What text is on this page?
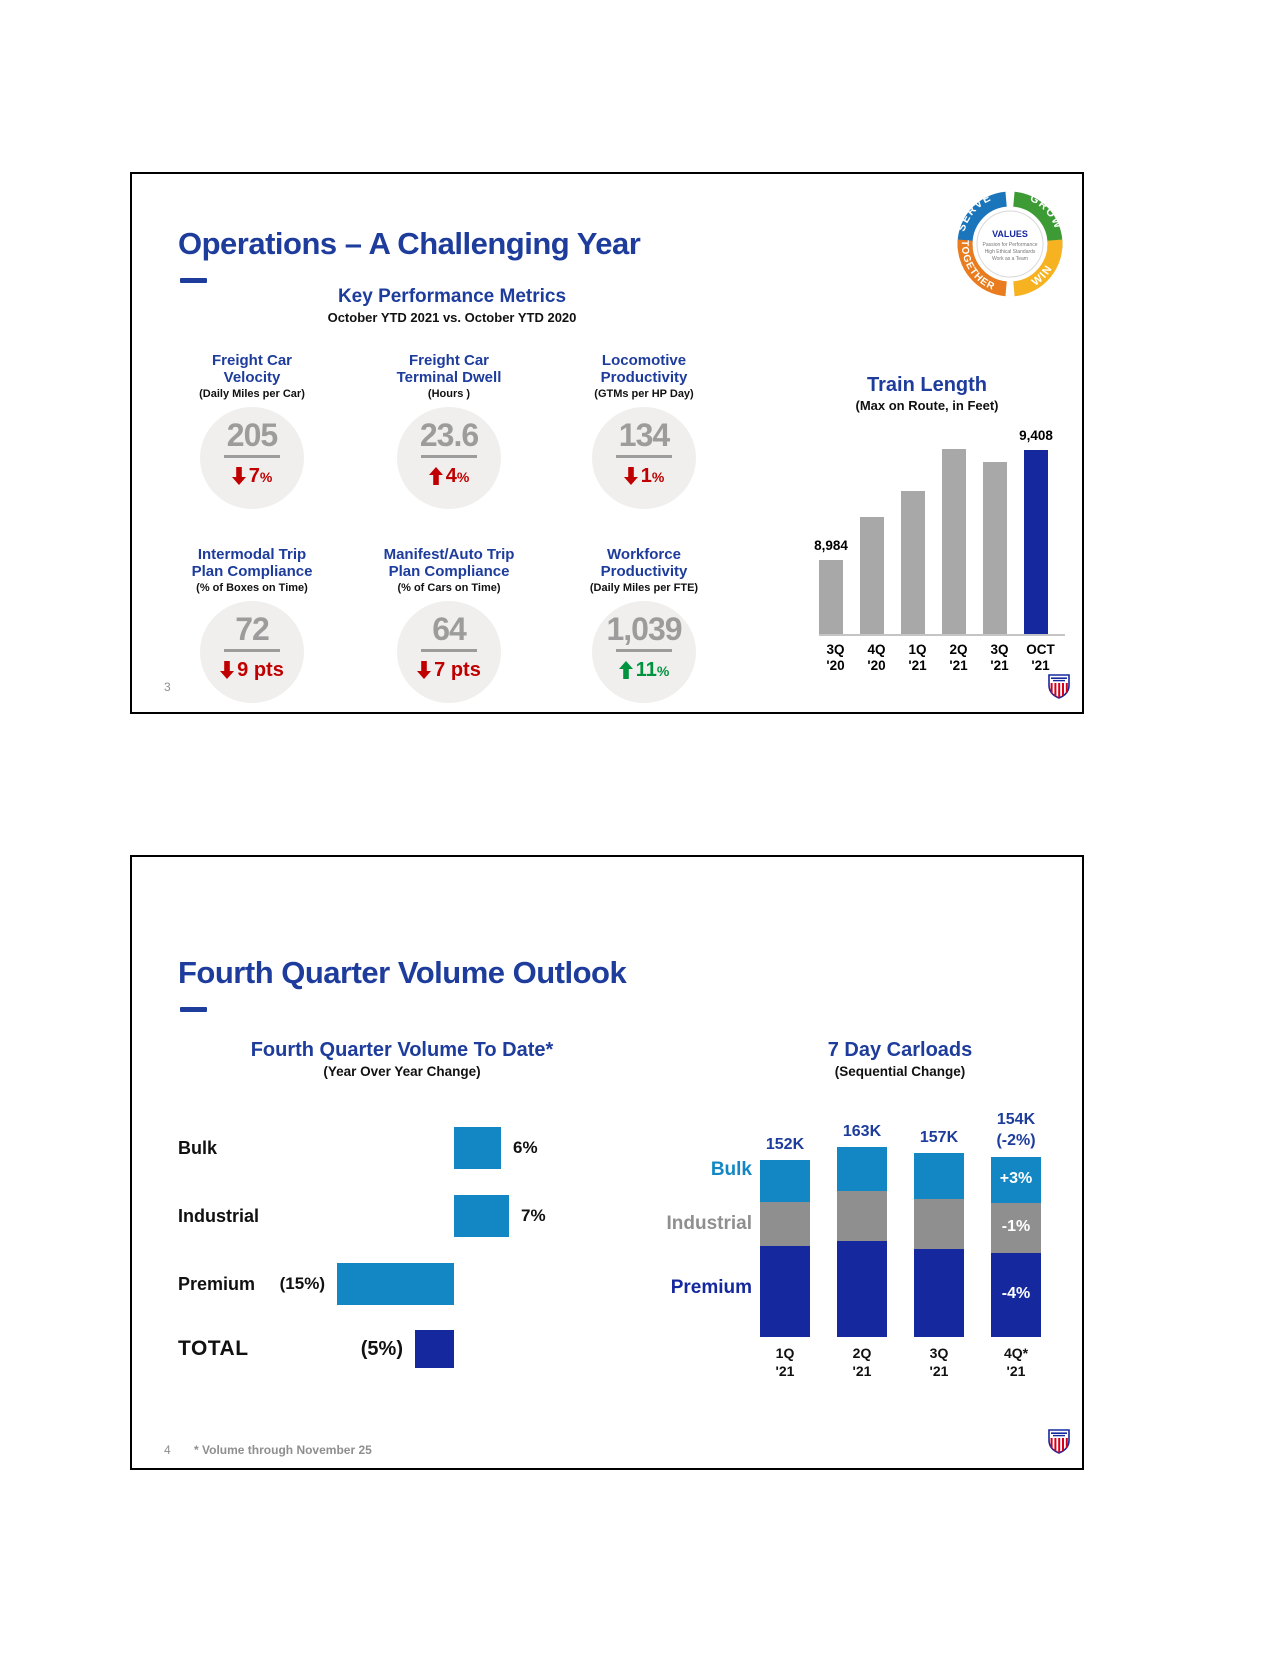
Operations – A Challenging Year	SERVE	GROW
WIN
TOGETHER
VALUES
Passion for Performance
High Ethical Standards
Work as a Team
Key Performance Metrics
October YTD 2021 vs. October YTD 2020
Freight Car
Velocity
(Daily Miles per Car)
205
7%
Freight Car
Terminal Dwell
(Hours )
23.6
4%
Locomotive
Productivity
(GTMs per HP Day)
134
1%
Intermodal Trip
Plan Compliance
(% of Boxes on Time)
72
9 pts
Manifest/Auto Trip
Plan Compliance
(% of Cars on Time)
64
7 pts
Workforce
Productivity
(Daily Miles per FTE)
1,039
11%
Train Length
(Max on Route, in Feet)
8,984
9,408
3Q
'20
4Q
'20
1Q
'21
2Q
'21
3Q
'21
OCT
'21
3
Fourth Quarter Volume Outlook
Fourth Quarter Volume To Date*
(Year Over Year Change)
7 Day Carloads
(Sequential Change)
Bulk	6%
Industrial	7%
Premium (15%)
TOTAL	(5%)
152K
1Q
'21
163K
2Q
'21
157K
3Q
'21
-4%
-1%
+3%
154K
(-2%)
4Q*
'21
Premium
Industrial
Bulk
4 * Volume through November 25
